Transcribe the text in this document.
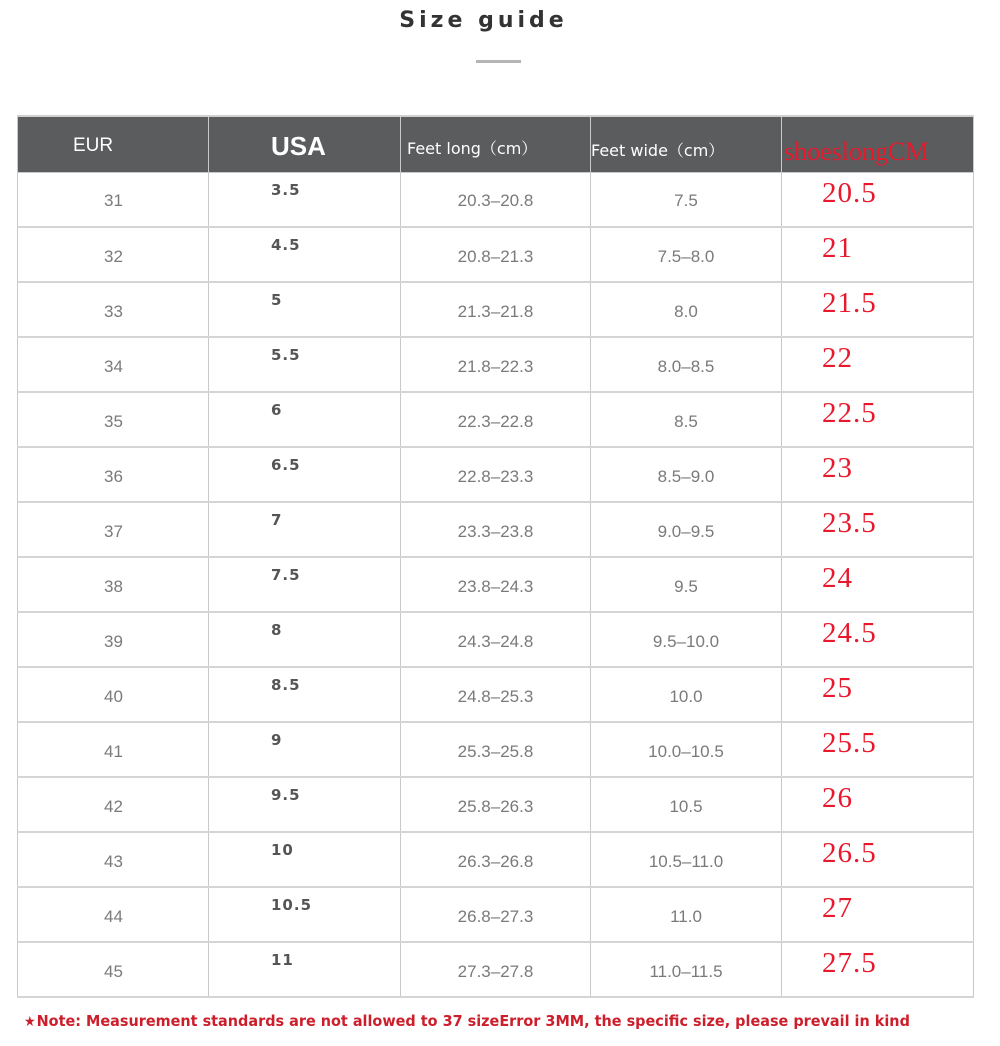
Size guide
EUR	USA	Feet long（cm）	Feet wide（cm）	shoeslongCM
31	3.5	20.3–20.8	7.5	20.5
32	4.5	20.8–21.3	7.5–8.0	21
33	5	21.3–21.8	8.0	21.5
34	5.5	21.8–22.3	8.0–8.5	22
35	6	22.3–22.8	8.5	22.5
36	6.5	22.8–23.3	8.5–9.0	23
37	7	23.3–23.8	9.0–9.5	23.5
38	7.5	23.8–24.3	9.5	24
39	8	24.3–24.8	9.5–10.0	24.5
40	8.5	24.8–25.3	10.0	25
41	9	25.3–25.8	10.0–10.5	25.5
42	9.5	25.8–26.3	10.5	26
43	10	26.3–26.8	10.5–11.0	26.5
44	10.5	26.8–27.3	11.0	27
45	11	27.3–27.8	11.0–11.5	27.5
★Note: Measurement standards are not allowed to 37 sizeError 3MM, the specific size, please prevail in kind
